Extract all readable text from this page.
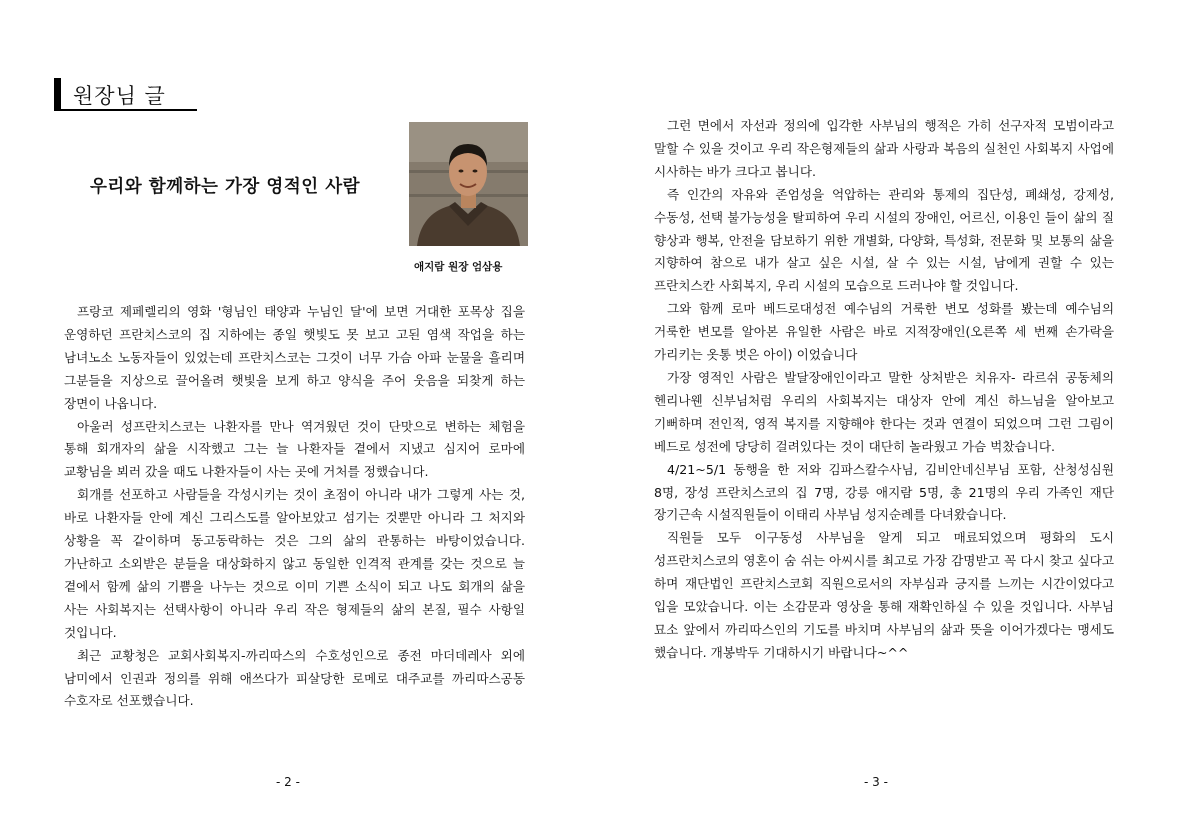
원장님 글
우리와 함께하는 가장 영적인 사람
애지람 원장 엄삼용

프랑코 제페렐리의 영화 '형님인 태양과 누님인 달'에 보면 거대한 포목상 집을 운영하던 프란치스코의 집 지하에는 종일 햇빛도 못 보고 고된 염색 작업을 하는 남녀노소 노동자들이 있었는데 프란치스코는 그것이 너무 가슴 아파 눈물을 흘리며 그분들을 지상으로 끌어올려 햇빛을 보게 하고 양식을 주어 웃음을 되찾게 하는 장면이 나옵니다.

아울러 성프란치스코는 나환자를 만나 역겨웠던 것이 단맛으로 변하는 체험을 통해 회개자의 삶을 시작했고 그는 늘 나환자들 곁에서 지냈고 심지어 로마에 교황님을 뵈러 갔을 때도 나환자들이 사는 곳에 거처를 정했습니다.

회개를 선포하고 사람들을 각성시키는 것이 초점이 아니라 내가 그렇게 사는 것, 바로 나환자들 안에 계신 그리스도를 알아보았고 섬기는 것뿐만 아니라 그 처지와 상황을 꼭 같이하며 동고동락하는 것은 그의 삶의 관통하는 바탕이었습니다. 가난하고 소외받은 분들을 대상화하지 않고 동일한 인격적 관계를 갖는 것으로 늘 곁에서 함께 삶의 기쁨을 나누는 것으로 이미 기쁜 소식이 되고 나도 회개의 삶을 사는 사회복지는 선택사항이 아니라 우리 작은 형제들의 삶의 본질, 필수 사항일 것입니다.

최근 교황청은 교회사회복지-까리따스의 수호성인으로 종전 마더데레사 외에 남미에서 인권과 정의를 위해 애쓰다가 피살당한 로메로 대주교를 까리따스공동 수호자로 선포했습니다.

- 2 -

그런 면에서 자선과 정의에 입각한 사부님의 행적은 가히 선구자적 모범이라고 말할 수 있을 것이고 우리 작은형제들의 삶과 사랑과 복음의 실천인 사회복지 사업에 시사하는 바가 크다고 봅니다.

즉 인간의 자유와 존엄성을 억압하는 관리와 통제의 집단성, 폐쇄성, 강제성, 수동성, 선택 불가능성을 탈피하여 우리 시설의 장애인, 어르신, 이용인 들이 삶의 질 향상과 행복, 안전을 담보하기 위한 개별화, 다양화, 특성화, 전문화 및 보통의 삶을 지향하여 참으로 내가 살고 싶은 시설, 살 수 있는 시설, 남에게 권할 수 있는 프란치스칸 사회복지, 우리 시설의 모습으로 드러나야 할 것입니다.

그와 함께 로마 베드로대성전 예수님의 거룩한 변모 성화를 봤는데 예수님의 거룩한 변모를 알아본 유일한 사람은 바로 지적장애인(오른쪽 세 번째 손가락을 가리키는 옷통 벗은 아이) 이었습니다

가장 영적인 사람은 발달장애인이라고 말한 상처받은 치유자- 라르쉬 공동체의 헨리나웬 신부님처럼 우리의 사회복지는 대상자 안에 계신 하느님을 알아보고 기뻐하며 전인적, 영적 복지를 지향해야 한다는 것과 연결이 되었으며 그런 그림이 베드로 성전에 당당히 걸려있다는 것이 대단히 놀라웠고 가슴 벅찼습니다.

4/21~5/1 동행을 한 저와 김파스칼수사님, 김비안네신부님 포함, 산청성심원 8명, 장성 프란치스코의 집 7명, 강릉 애지람 5명, 총 21명의 우리 가족인 재단 장기근속 시설직원들이 이태리 사부님 성지순례를 다녀왔습니다.

직원들 모두 이구동성 사부님을 알게 되고 매료되었으며 평화의 도시 성프란치스코의 영혼이 숨 쉬는 아씨시를 최고로 가장 감명받고 꼭 다시 찾고 싶다고 하며 재단법인 프란치스코회 직원으로서의 자부심과 긍지를 느끼는 시간이었다고 입을 모았습니다. 이는 소감문과 영상을 통해 재확인하실 수 있을 것입니다. 사부님 묘소 앞에서 까리따스인의 기도를 바치며 사부님의 삶과 뜻을 이어가겠다는 맹세도 했습니다. 개봉박두 기대하시기 바랍니다~^^

- 3 -
